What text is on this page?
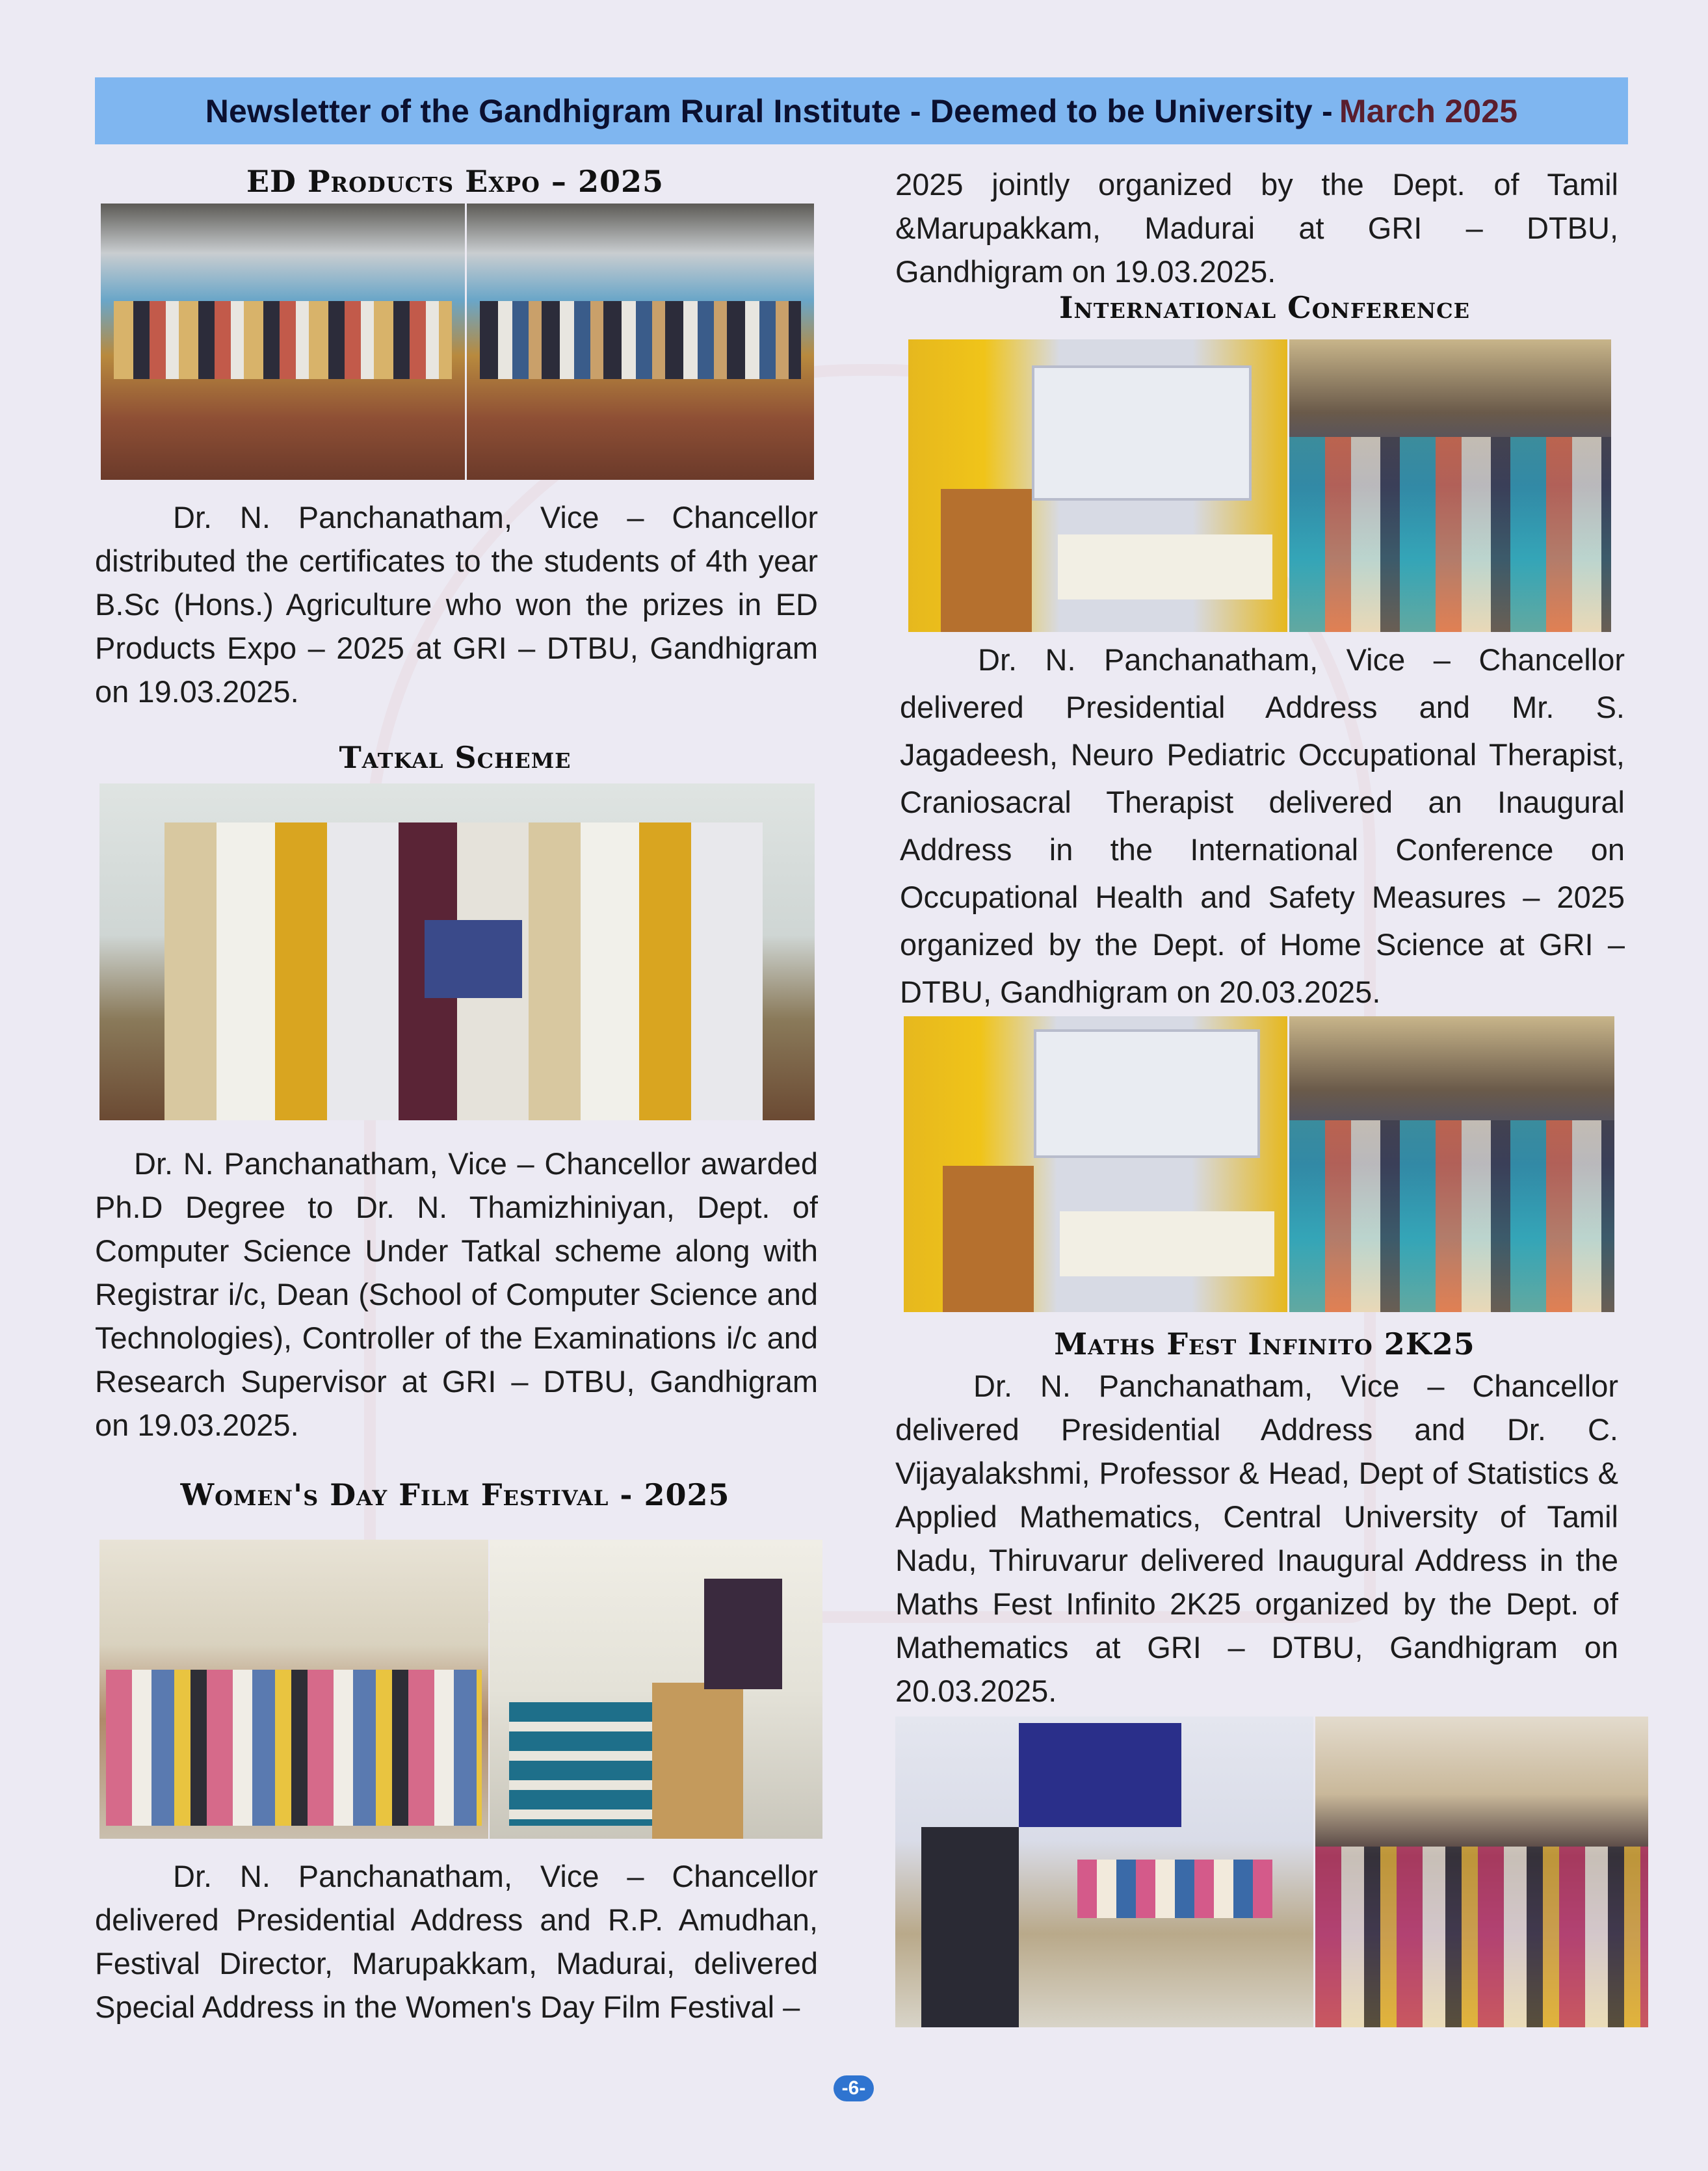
Newsletter of the Gandhigram Rural Institute - Deemed to be University - March 2025
ED Products Expo – 2025
Dr. N. Panchanatham, Vice – Chancellor distributed the certificates to the students of 4th year B.Sc (Hons.) Agriculture who won the prizes in ED Products Expo – 2025 at GRI – DTBU, Gandhigram on 19.03.2025.
Tatkal Scheme
Dr. N. Panchanatham, Vice – Chancellor awarded Ph.D Degree to Dr. N. Thamizhiniyan, Dept. of Computer Science Under Tatkal scheme along with Registrar i/c, Dean (School of Computer Science and Technologies), Controller of the Examinations i/c and Research Supervisor at GRI – DTBU, Gandhigram on 19.03.2025.
Women's Day Film Festival - 2025
Dr. N. Panchanatham, Vice – Chancellor delivered Presidential Address and R.P. Amudhan, Festival Director, Marupakkam, Madurai, delivered Special Address in the Women's Day Film Festival –
2025 jointly organized by the Dept. of Tamil &Marupakkam, Madurai at GRI – DTBU, Gandhigram on 19.03.2025.
International Conference
Dr. N. Panchanatham, Vice – Chancellor delivered Presidential Address and Mr. S. Jagadeesh, Neuro Pediatric Occupational Therapist, Craniosacral Therapist delivered an Inaugural Address in the International Conference on Occupational Health and Safety Measures – 2025 organized by the Dept. of Home Science at GRI – DTBU, Gandhigram on 20.03.2025.
Maths Fest Infinito 2K25
Dr. N. Panchanatham, Vice – Chancellor delivered Presidential Address and Dr. C. Vijayalakshmi, Professor & Head, Dept of Statistics & Applied Mathematics, Central University of Tamil Nadu, Thiruvarur delivered Inaugural Address in the Maths Fest Infinito 2K25 organized by the Dept. of Mathematics at GRI – DTBU, Gandhigram on 20.03.2025.
-6-
